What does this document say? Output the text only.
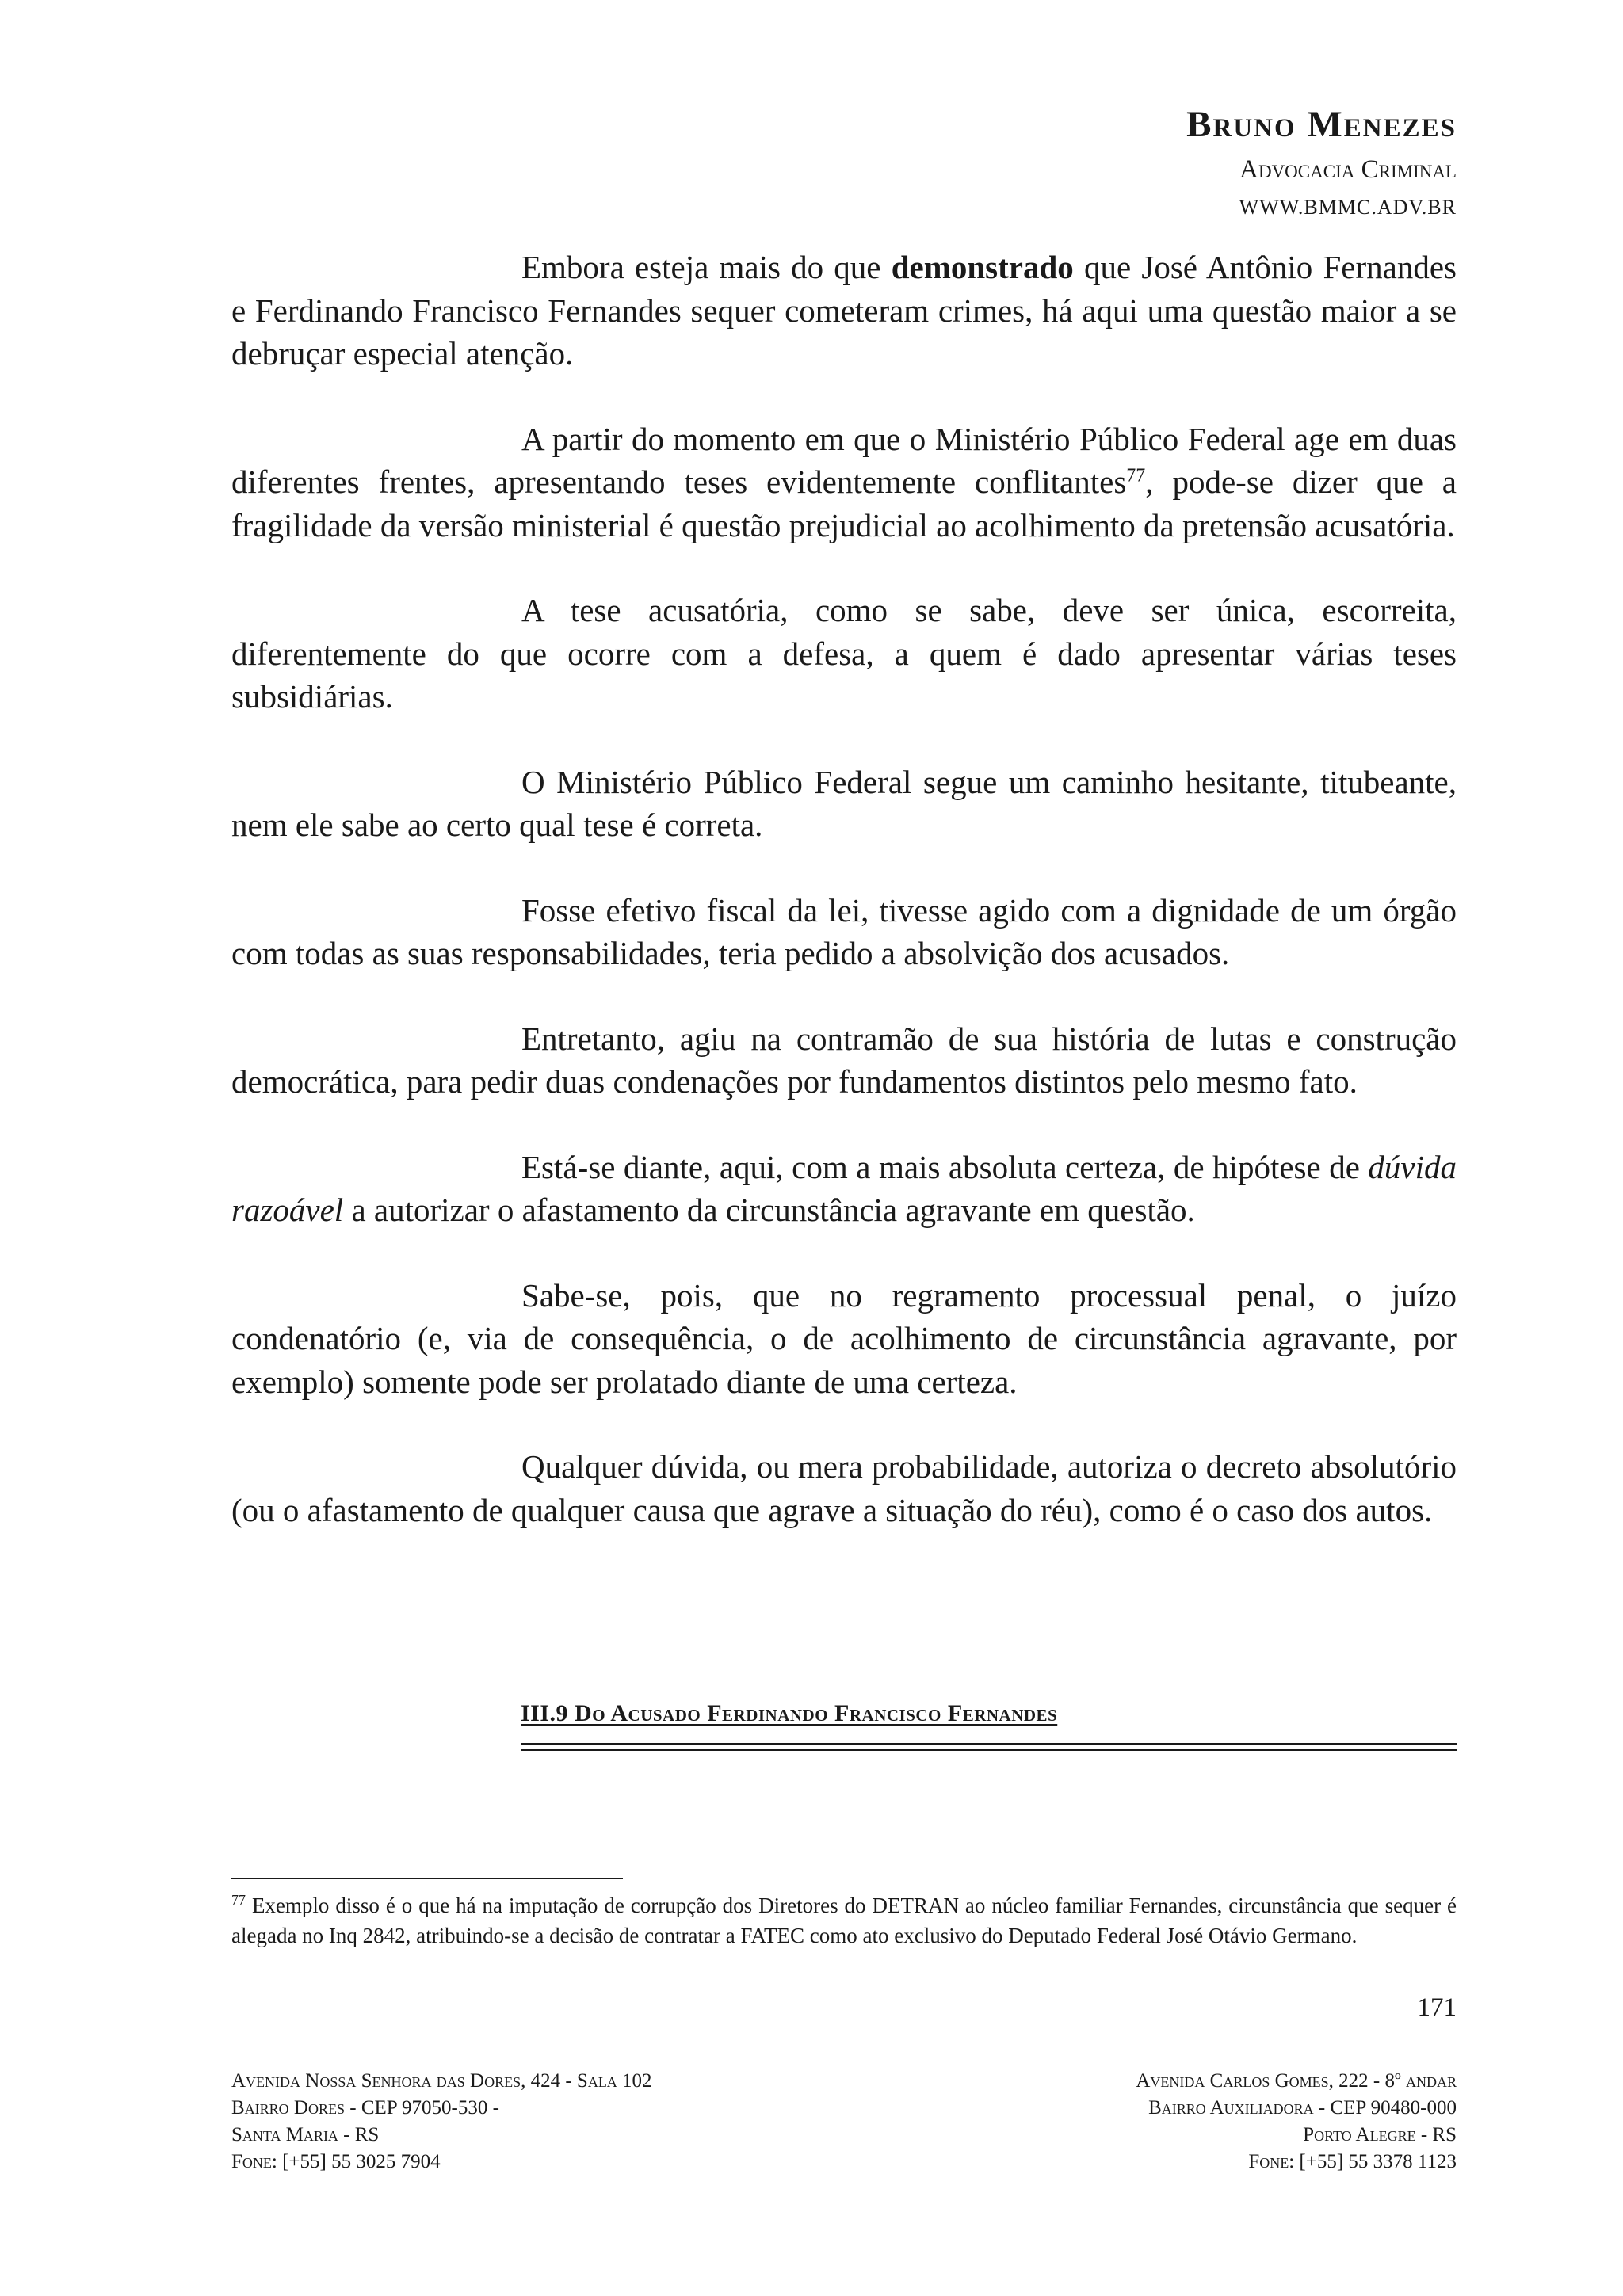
Bruno Menezes
Advocacia Criminal
WWW.BMMC.ADV.BR

Embora esteja mais do que demonstrado que José Antônio Fernandes e Ferdinando Francisco Fernandes sequer cometeram crimes, há aqui uma questão maior a se debruçar especial atenção.

A partir do momento em que o Ministério Público Federal age em duas diferentes frentes, apresentando teses evidentemente conflitantes$^{77}$, pode-se dizer que a fragilidade da versão ministerial é questão prejudicial ao acolhimento da pretensão acusatória.

A tese acusatória, como se sabe, deve ser única, escorreita, diferentemente do que ocorre com a defesa, a quem é dado apresentar várias teses subsidiárias.

O Ministério Público Federal segue um caminho hesitante, titubeante, nem ele sabe ao certo qual tese é correta.

Fosse efetivo fiscal da lei, tivesse agido com a dignidade de um órgão com todas as suas responsabilidades, teria pedido a absolvição dos acusados.

Entretanto, agiu na contramão de sua história de lutas e construção democrática, para pedir duas condenações por fundamentos distintos pelo mesmo fato.

Está-se diante, aqui, com a mais absoluta certeza, de hipótese de dúvida razoável a autorizar o afastamento da circunstância agravante em questão.

Sabe-se, pois, que no regramento processual penal, o juízo condenatório (e, via de consequência, o de acolhimento de circunstância agravante, por exemplo) somente pode ser prolatado diante de uma certeza.

Qualquer dúvida, ou mera probabilidade, autoriza o decreto absolutório (ou o afastamento de qualquer causa que agrave a situação do réu), como é o caso dos autos.

III.9 Do Acusado Ferdinando Francisco Fernandes
$^{77}$ Exemplo disso é o que há na imputação de corrupção dos Diretores do DETRAN ao núcleo familiar Fernandes, circunstância que sequer é alegada no Inq 2842, atribuindo-se a decisão de contratar a FATEC como ato exclusivo do Deputado Federal José Otávio Germano.
171
Avenida Nossa Senhora das Dores, 424 - Sala 102
Bairro Dores - CEP 97050-530 -
Santa Maria - RS
Fone: [+55] 55 3025 7904
Avenida Carlos Gomes, 222 - 8º andar
Bairro Auxiliadora - CEP 90480-000
Porto Alegre - RS
Fone: [+55] 55 3378 1123
